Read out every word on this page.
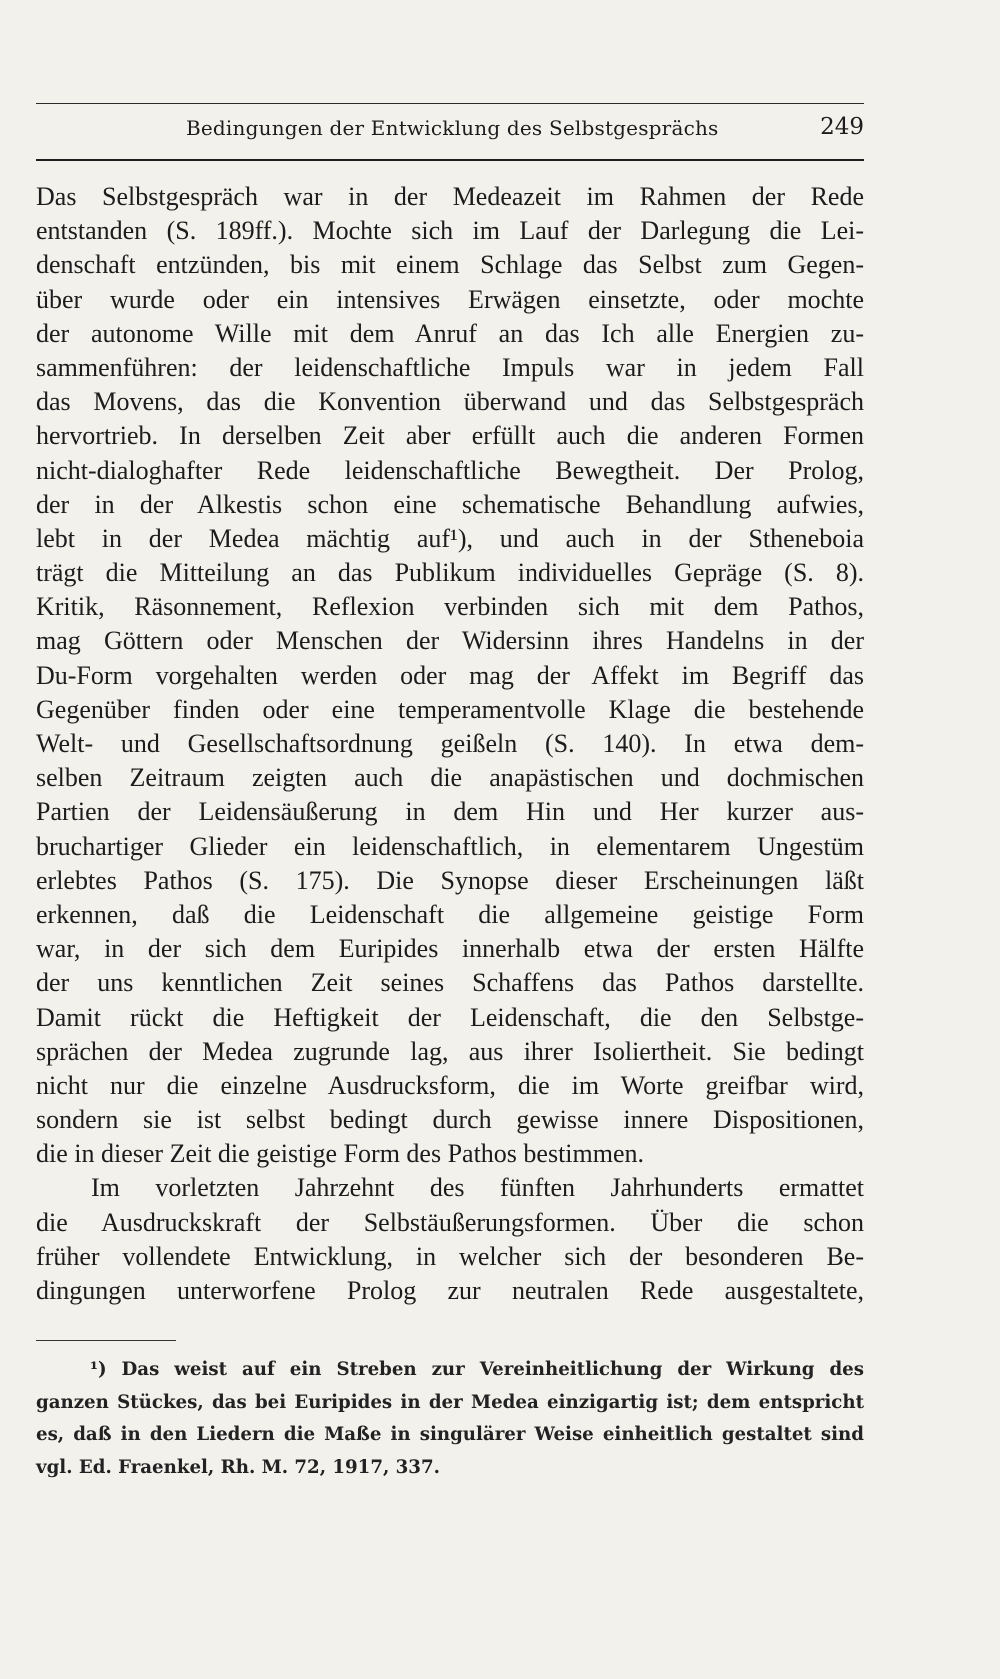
Bedingungen der Entwicklung des Selbstgesprächs	249
Das Selbstgespräch war in der Medeazeit im Rahmen der Rede
entstanden (S. 189ff.). Mochte sich im Lauf der Darlegung die Lei-
denschaft entzünden, bis mit einem Schlage das Selbst zum Gegen-
über wurde oder ein intensives Erwägen einsetzte, oder mochte
der autonome Wille mit dem Anruf an das Ich alle Energien zu-
sammenführen: der leidenschaftliche Impuls war in jedem Fall
das Movens, das die Konvention überwand und das Selbstgespräch
hervortrieb. In derselben Zeit aber erfüllt auch die anderen Formen
nicht-dialoghafter Rede leidenschaftliche Bewegtheit. Der Prolog,
der in der Alkestis schon eine schematische Behandlung aufwies,
lebt in der Medea mächtig auf¹), und auch in der Stheneboia
trägt die Mitteilung an das Publikum individuelles Gepräge (S. 8).
Kritik, Räsonnement, Reflexion verbinden sich mit dem Pathos,
mag Göttern oder Menschen der Widersinn ihres Handelns in der
Du-Form vorgehalten werden oder mag der Affekt im Begriff das
Gegenüber finden oder eine temperamentvolle Klage die bestehende
Welt- und Gesellschaftsordnung geißeln (S. 140). In etwa dem-
selben Zeitraum zeigten auch die anapästischen und dochmischen
Partien der Leidensäußerung in dem Hin und Her kurzer aus-
bruchartiger Glieder ein leidenschaftlich, in elementarem Ungestüm
erlebtes Pathos (S. 175). Die Synopse dieser Erscheinungen läßt
erkennen, daß die Leidenschaft die allgemeine geistige Form
war, in der sich dem Euripides innerhalb etwa der ersten Hälfte
der uns kenntlichen Zeit seines Schaffens das Pathos darstellte.
Damit rückt die Heftigkeit der Leidenschaft, die den Selbstge-
sprächen der Medea zugrunde lag, aus ihrer Isoliertheit. Sie bedingt
nicht nur die einzelne Ausdrucksform, die im Worte greifbar wird,
sondern sie ist selbst bedingt durch gewisse innere Dispositionen,
die in dieser Zeit die geistige Form des Pathos bestimmen.
Im vorletzten Jahrzehnt des fünften Jahrhunderts ermattet
die Ausdruckskraft der Selbstäußerungsformen. Über die schon
früher vollendete Entwicklung, in welcher sich der besonderen Be-
dingungen unterworfene Prolog zur neutralen Rede ausgestaltete,
¹) Das weist auf ein Streben zur Vereinheitlichung der Wirkung des
ganzen Stückes, das bei Euripides in der Medea einzigartig ist; dem entspricht
es, daß in den Liedern die Maße in singulärer Weise einheitlich gestaltet sind
vgl. Ed. Fraenkel, Rh. M. 72, 1917, 337.
